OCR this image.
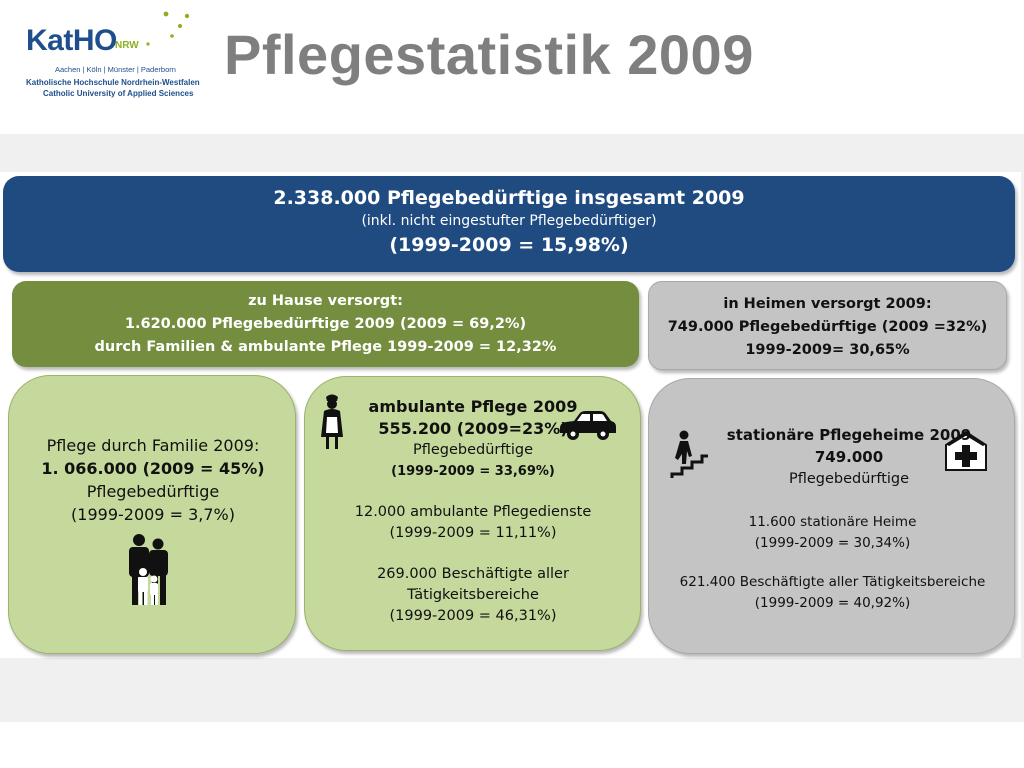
KatHO
NRW
Aachen | Köln | Münster | Paderborn
Katholische Hochschule Nordrhein-Westfalen
Catholic University of Applied Sciences
Pflegestatistik 2009
2.338.000 Pflegebedürftige insgesamt 2009
(inkl. nicht eingestufter Pflegebedürftiger)
(1999-2009 = 15,98%)
zu Hause versorgt:
1.620.000 Pflegebedürftige 2009 (2009 = 69,2%)
durch Familien & ambulante Pflege 1999-2009 = 12,32%
in Heimen versorgt 2009:
749.000 Pflegebedürftige (2009 =32%)
1999-2009= 30,65%
Pflege durch Familie 2009:
1. 066.000 (2009 = 45%)
Pflegebedürftige
(1999-2009 = 3,7%)
ambulante Pflege 2009
555.200 (2009=23%)
Pflegebedürftige
(1999-2009 = 33,69%)
12.000 ambulante Pflegedienste
(1999-2009 = 11,11%)
269.000 Beschäftigte aller
Tätigkeitsbereiche
(1999-2009 = 46,31%)
stationäre Pflegeheime 2009
749.000
Pflegebedürftige
11.600 stationäre Heime
(1999-2009 = 30,34%)
621.400 Beschäftigte aller Tätigkeitsbereiche
(1999-2009 = 40,92%)
